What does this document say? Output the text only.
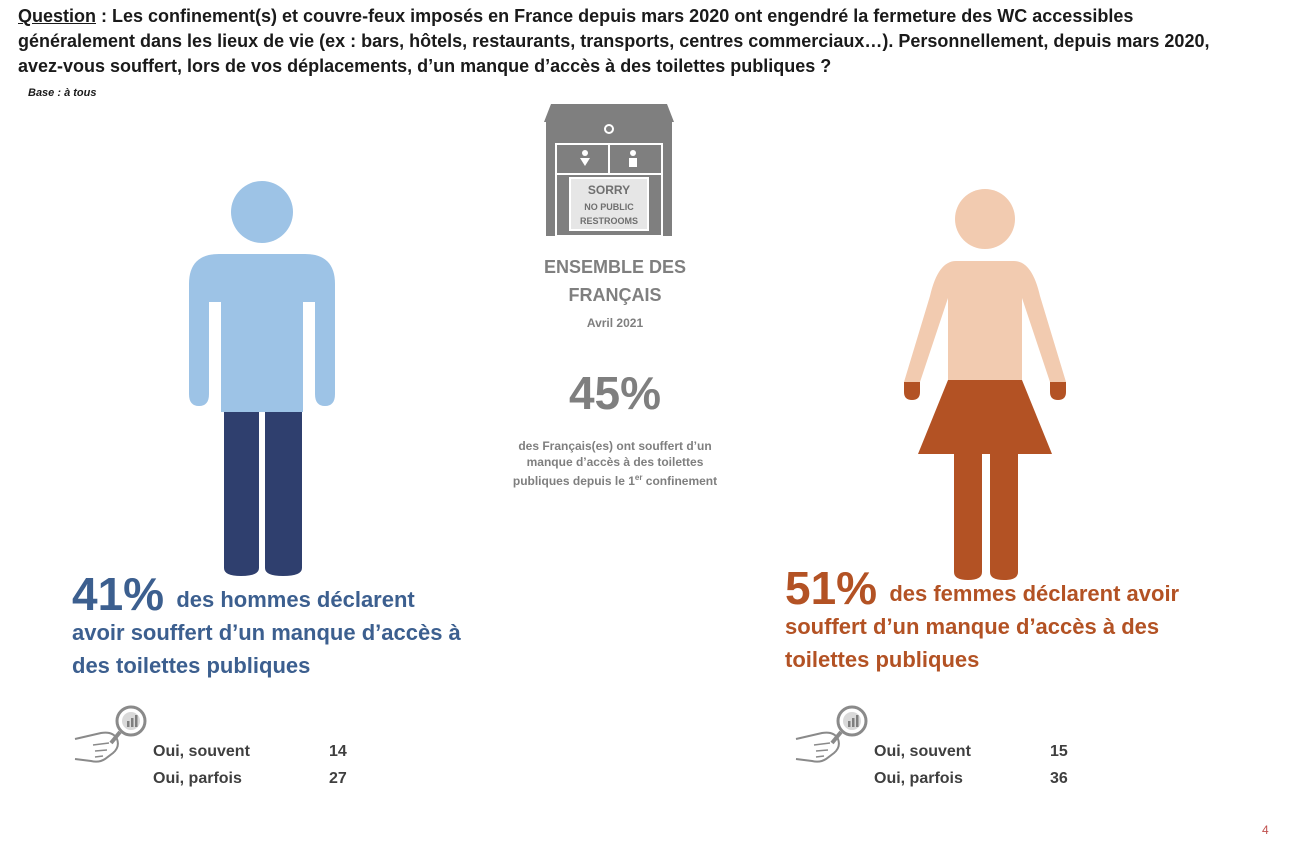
Question : Les confinement(s) et couvre-feux imposés en France depuis mars 2020 ont engendré la fermeture des WC accessibles généralement dans les lieux de vie (ex : bars, hôtels, restaurants, transports, centres commerciaux…). Personnellement, depuis mars 2020, avez-vous souffert, lors de vos déplacements, d’un manque d’accès à des toilettes publiques ?
Base : à tous
SORRY
NO PUBLIC
RESTROOMS
ENSEMBLE DES
FRANÇAIS
Avril 2021
45%
des Français(es) ont souffert d’un manque d’accès à des toilettes publiques depuis le 1er confinement
41% des hommes déclarent avoir souffert d’un manque d’accès à des toilettes publiques
51% des femmes déclarent avoir souffert d’un manque d’accès à des toilettes publiques
Oui, souvent	14
Oui, parfois	27
Oui, souvent	15
Oui, parfois	36
4
